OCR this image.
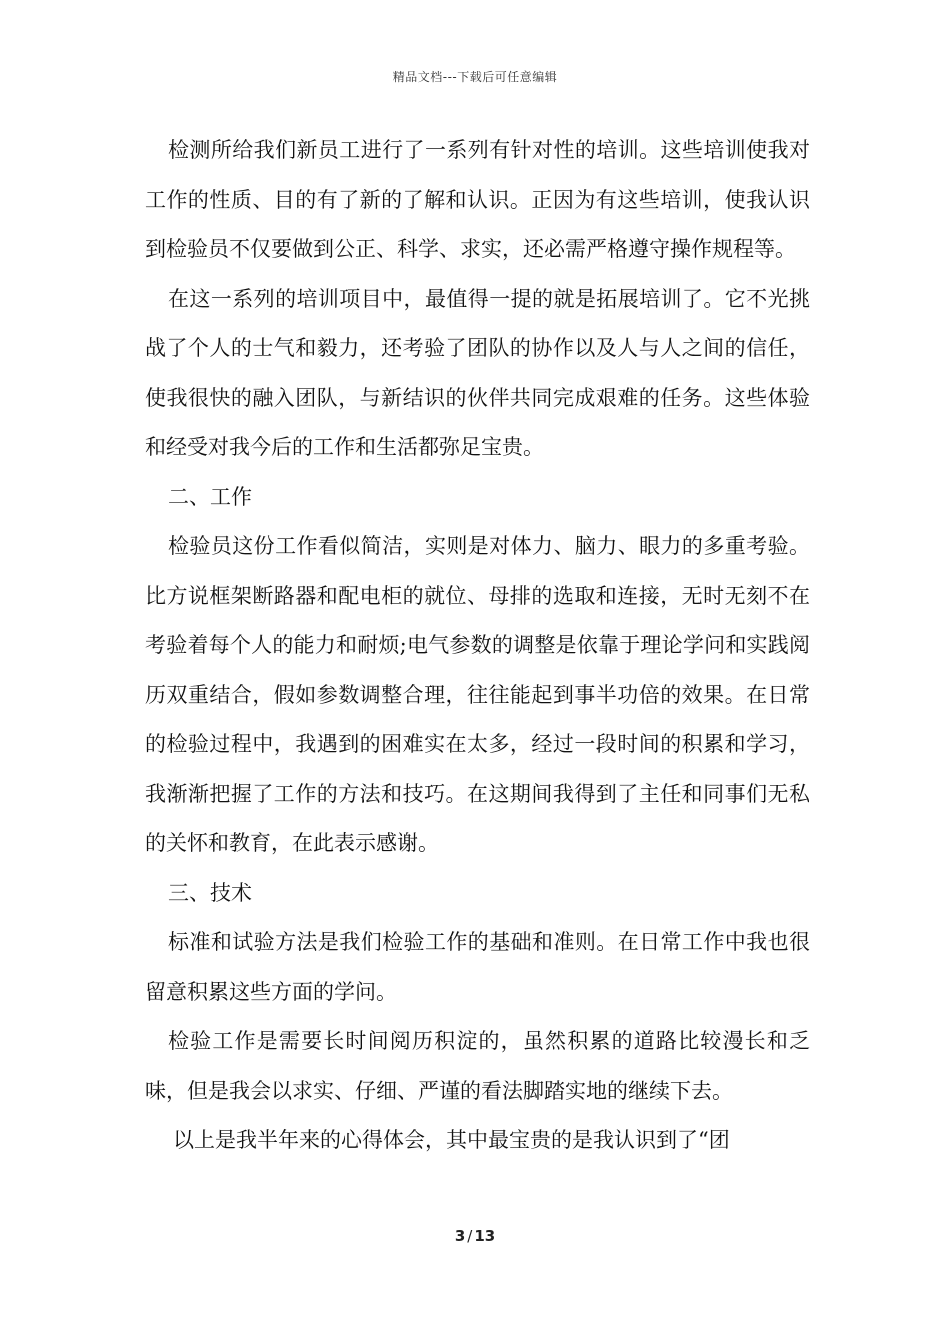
精品文档---下载后可任意编辑

检测所给我们新员工进行了一系列有针对性的培训。这些培训使我对工作的性质、目的有了新的了解和认识。正因为有这些培训，使我认识到检验员不仅要做到公正、科学、求实，还必需严格遵守操作规程等。

在这一系列的培训项目中，最值得一提的就是拓展培训了。它不光挑战了个人的士气和毅力，还考验了团队的协作以及人与人之间的信任，使我很快的融入团队，与新结识的伙伴共同完成艰难的任务。这些体验和经受对我今后的工作和生活都弥足宝贵。

二、工作

检验员这份工作看似简洁，实则是对体力、脑力、眼力的多重考验。比方说框架断路器和配电柜的就位、母排的选取和连接，无时无刻不在考验着每个人的能力和耐烦;电气参数的调整是依靠于理论学问和实践阅历双重结合，假如参数调整合理，往往能起到事半功倍的效果。在日常的检验过程中，我遇到的困难实在太多，经过一段时间的积累和学习，我渐渐把握了工作的方法和技巧。在这期间我得到了主任和同事们无私的关怀和教育，在此表示感谢。

三、技术

标准和试验方法是我们检验工作的基础和准则。在日常工作中我也很留意积累这些方面的学问。

检验工作是需要长时间阅历积淀的，虽然积累的道路比较漫长和乏味，但是我会以求实、仔细、严谨的看法脚踏实地的继续下去。

以上是我半年来的心得体会，其中最宝贵的是我认识到了“团

3 / 13
